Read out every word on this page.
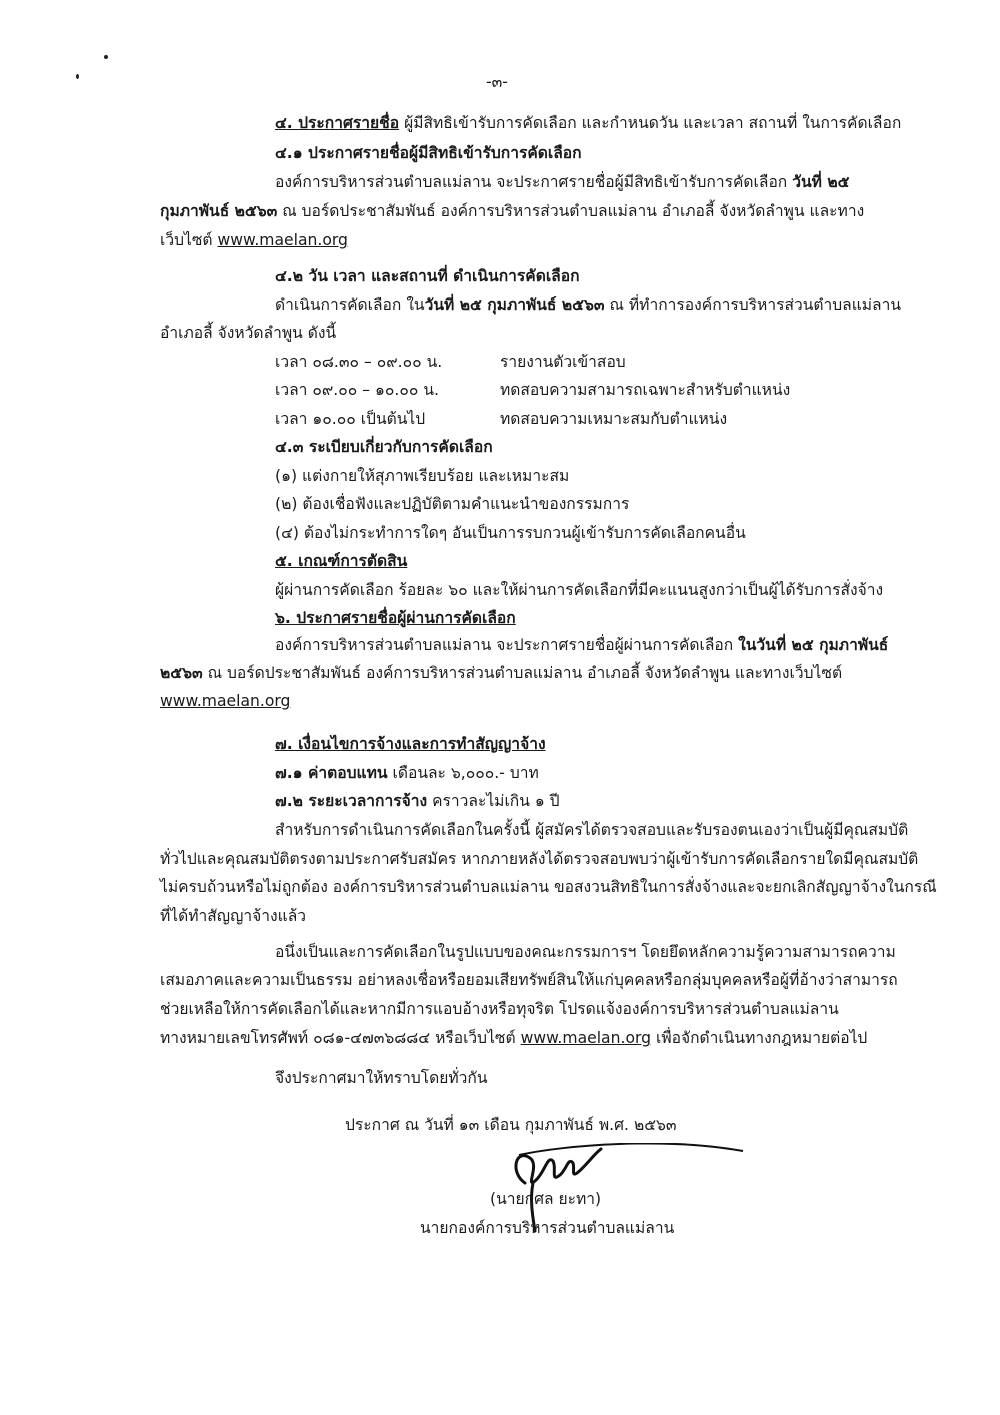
-๓-
๔. ประกาศรายชื่อ ผู้มีสิทธิเข้ารับการคัดเลือก และกำหนดวัน และเวลา สถานที่ ในการคัดเลือก
๔.๑ ประกาศรายชื่อผู้มีสิทธิเข้ารับการคัดเลือก
องค์การบริหารส่วนตำบลแม่ลาน จะประกาศรายชื่อผู้มีสิทธิเข้ารับการคัดเลือก วันที่ ๒๕
กุมภาพันธ์ ๒๕๖๓ ณ บอร์ดประชาสัมพันธ์ องค์การบริหารส่วนตำบลแม่ลาน อำเภอลี้ จังหวัดลำพูน และทาง
เว็บไซต์ www.maelan.org
๔.๒ วัน เวลา และสถานที่ ดำเนินการคัดเลือก
ดำเนินการคัดเลือก ในวันที่ ๒๕ กุมภาพันธ์ ๒๕๖๓ ณ ที่ทำการองค์การบริหารส่วนตำบลแม่ลาน
อำเภอลี้ จังหวัดลำพูน ดังนี้
เวลา ๐๘.๓๐ – ๐๙.๐๐ น.	รายงานตัวเข้าสอบ
เวลา ๐๙.๐๐ – ๑๐.๐๐ น.	ทดสอบความสามารถเฉพาะสำหรับตำแหน่ง
เวลา ๑๐.๐๐ เป็นต้นไป	ทดสอบความเหมาะสมกับตำแหน่ง
๔.๓ ระเบียบเกี่ยวกับการคัดเลือก
(๑) แต่งกายให้สุภาพเรียบร้อย และเหมาะสม
(๒) ต้องเชื่อฟังและปฏิบัติตามคำแนะนำของกรรมการ
(๔) ต้องไม่กระทำการใดๆ อันเป็นการรบกวนผู้เข้ารับการคัดเลือกคนอื่น
๕. เกณฑ์การตัดสิน
ผู้ผ่านการคัดเลือก ร้อยละ ๖๐ และให้ผ่านการคัดเลือกที่มีคะแนนสูงกว่าเป็นผู้ได้รับการสั่งจ้าง
๖. ประกาศรายชื่อผู้ผ่านการคัดเลือก
องค์การบริหารส่วนตำบลแม่ลาน จะประกาศรายชื่อผู้ผ่านการคัดเลือก ในวันที่ ๒๕ กุมภาพันธ์
๒๕๖๓ ณ บอร์ดประชาสัมพันธ์ องค์การบริหารส่วนตำบลแม่ลาน อำเภอลี้ จังหวัดลำพูน และทางเว็บไซต์
www.maelan.org
๗. เงื่อนไขการจ้างและการทำสัญญาจ้าง
๗.๑ ค่าตอบแทน เดือนละ ๖,๐๐๐.- บาท
๗.๒ ระยะเวลาการจ้าง คราวละไม่เกิน ๑ ปี
สำหรับการดำเนินการคัดเลือกในครั้งนี้ ผู้สมัครได้ตรวจสอบและรับรองตนเองว่าเป็นผู้มีคุณสมบัติ
ทั่วไปและคุณสมบัติตรงตามประกาศรับสมัคร หากภายหลังได้ตรวจสอบพบว่าผู้เข้ารับการคัดเลือกรายใดมีคุณสมบัติ
ไม่ครบถ้วนหรือไม่ถูกต้อง องค์การบริหารส่วนตำบลแม่ลาน ขอสงวนสิทธิในการสั่งจ้างและจะยกเลิกสัญญาจ้างในกรณี
ที่ได้ทำสัญญาจ้างแล้ว
อนึ่งเป็นและการคัดเลือกในรูปแบบของคณะกรรมการฯ โดยยึดหลักความรู้ความสามารถความ
เสมอภาคและความเป็นธรรม อย่าหลงเชื่อหรือยอมเสียทรัพย์สินให้แก่บุคคลหรือกลุ่มบุคคลหรือผู้ที่อ้างว่าสามารถ
ช่วยเหลือให้การคัดเลือกได้และหากมีการแอบอ้างหรือทุจริต โปรดแจ้งองค์การบริหารส่วนตำบลแม่ลาน
ทางหมายเลขโทรศัพท์ ๐๘๑-๔๗๓๖๘๘๔ หรือเว็บไซต์ www.maelan.org เพื่อจักดำเนินทางกฎหมายต่อไป
จึงประกาศมาให้ทราบโดยทั่วกัน
ประกาศ ณ วันที่ ๑๓ เดือน กุมภาพันธ์ พ.ศ. ๒๕๖๓
(นายกุศล ยะทา)
นายกองค์การบริหารส่วนตำบลแม่ลาน
